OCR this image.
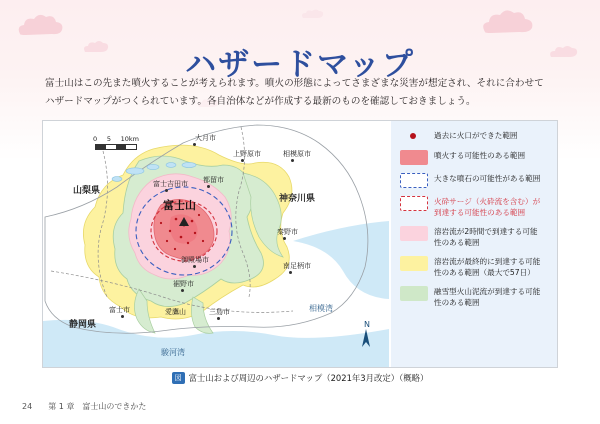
ハザードマップ
富士山はこの先また噴火することが考えられます。噴火の形態によってさまざまな災害が想定され、それに合わせて
ハザードマップがつくられています。各自治体などが作成する最新のものを確認しておきましょう。
0 5 10km
N
山梨県
神奈川県
静岡県
相模湾
駿河湾
富士山
大月市
上野原市	相模原市
富士吉田市 都留市
秦野市
南足柄市
御殿場市
裾野市
愛鷹山
富士市	三島市
過去に火口ができた範囲
噴火する可能性のある範囲
大きな噴石の可能性がある範囲
火砕サージ（火砕流を含む）が
到達する可能性のある範囲
溶岩流が2時間で到達する可能
性のある範囲
溶岩流が最終的に到達する可能
性のある範囲（最大で57日）
融雪型火山泥流が到達する可能
性のある範囲
図 富士山および周辺のハザードマップ（2021年3月改定）（概略）
24 第 1 章　富士山のできかた
